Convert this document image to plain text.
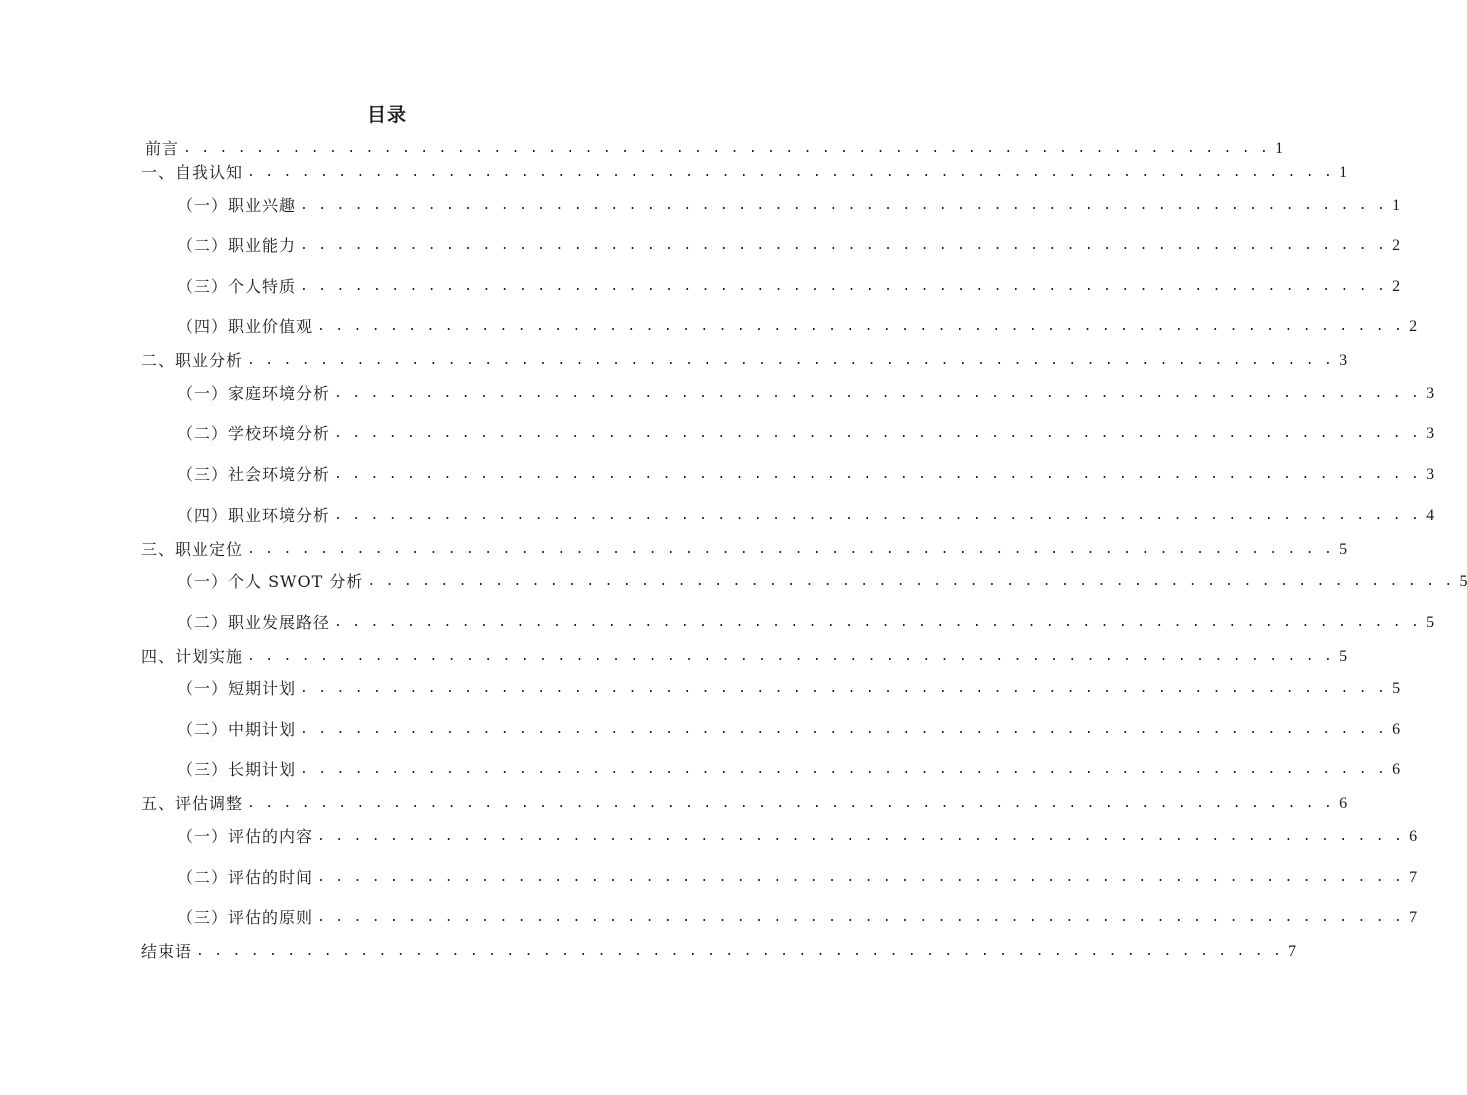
目录
前言 . . . . . . . . . . . . . . . . . . . . . . . . . . . . . . . . . . . . . . . . . . . . . . . . . . . . . . . . . . . . 1
一、自我认知 . . . . . . . . . . . . . . . . . . . . . . . . . . . . . . . . . . . . . . . . . . . . . . . . . . . . . . . . . . . . 1
（一）职业兴趣 . . . . . . . . . . . . . . . . . . . . . . . . . . . . . . . . . . . . . . . . . . . . . . . . . . . . . . . . . . . . 1
（二）职业能力 . . . . . . . . . . . . . . . . . . . . . . . . . . . . . . . . . . . . . . . . . . . . . . . . . . . . . . . . . . . . 2
（三）个人特质 . . . . . . . . . . . . . . . . . . . . . . . . . . . . . . . . . . . . . . . . . . . . . . . . . . . . . . . . . . . . 2
（四）职业价值观 . . . . . . . . . . . . . . . . . . . . . . . . . . . . . . . . . . . . . . . . . . . . . . . . . . . . . . . . . . . . 2
二、职业分析 . . . . . . . . . . . . . . . . . . . . . . . . . . . . . . . . . . . . . . . . . . . . . . . . . . . . . . . . . . . . 3
（一）家庭环境分析 . . . . . . . . . . . . . . . . . . . . . . . . . . . . . . . . . . . . . . . . . . . . . . . . . . . . . . . . . . . . 3
（二）学校环境分析 . . . . . . . . . . . . . . . . . . . . . . . . . . . . . . . . . . . . . . . . . . . . . . . . . . . . . . . . . . . . 3
（三）社会环境分析 . . . . . . . . . . . . . . . . . . . . . . . . . . . . . . . . . . . . . . . . . . . . . . . . . . . . . . . . . . . . 3
（四）职业环境分析 . . . . . . . . . . . . . . . . . . . . . . . . . . . . . . . . . . . . . . . . . . . . . . . . . . . . . . . . . . . . 4
三、职业定位 . . . . . . . . . . . . . . . . . . . . . . . . . . . . . . . . . . . . . . . . . . . . . . . . . . . . . . . . . . . . 5
（一）个人 SWOT 分析 . . . . . . . . . . . . . . . . . . . . . . . . . . . . . . . . . . . . . . . . . . . . . . . . . . . . . . . . . . . . 5
（二）职业发展路径 . . . . . . . . . . . . . . . . . . . . . . . . . . . . . . . . . . . . . . . . . . . . . . . . . . . . . . . . . . . . 5
四、计划实施 . . . . . . . . . . . . . . . . . . . . . . . . . . . . . . . . . . . . . . . . . . . . . . . . . . . . . . . . . . . . 5
（一）短期计划 . . . . . . . . . . . . . . . . . . . . . . . . . . . . . . . . . . . . . . . . . . . . . . . . . . . . . . . . . . . . 5
（二）中期计划 . . . . . . . . . . . . . . . . . . . . . . . . . . . . . . . . . . . . . . . . . . . . . . . . . . . . . . . . . . . . 6
（三）长期计划 . . . . . . . . . . . . . . . . . . . . . . . . . . . . . . . . . . . . . . . . . . . . . . . . . . . . . . . . . . . . 6
五、评估调整 . . . . . . . . . . . . . . . . . . . . . . . . . . . . . . . . . . . . . . . . . . . . . . . . . . . . . . . . . . . . 6
（一）评估的内容 . . . . . . . . . . . . . . . . . . . . . . . . . . . . . . . . . . . . . . . . . . . . . . . . . . . . . . . . . . . . 6
（二）评估的时间 . . . . . . . . . . . . . . . . . . . . . . . . . . . . . . . . . . . . . . . . . . . . . . . . . . . . . . . . . . . . 7
（三）评估的原则 . . . . . . . . . . . . . . . . . . . . . . . . . . . . . . . . . . . . . . . . . . . . . . . . . . . . . . . . . . . . 7
结束语 . . . . . . . . . . . . . . . . . . . . . . . . . . . . . . . . . . . . . . . . . . . . . . . . . . . . . . . . . . . . 7
